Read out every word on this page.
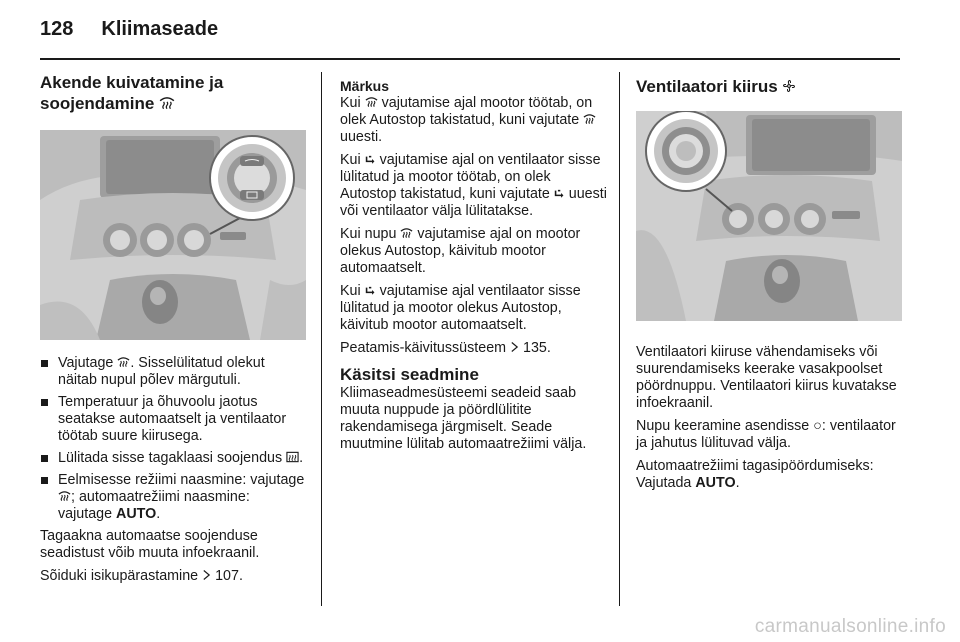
128 Kliimaseade
Akende kuivatamine ja
soojendamine
Vajutage . Sisselülitatud olekut näitab nupul põlev märgutuli.
Temperatuur ja õhuvoolu jaotus seatakse automaatselt ja ventilaator töötab suure kiirusega.
Lülitada sisse tagaklaasi soojendus .
Eelmisesse režiimi naasmine: vajutage ; automaatrežiimi naasmine: vajutage AUTO.

Tagaakna automaatse soojenduse seadistust võib muuta infoekraanil.

Sõiduki isikupärastamine  107.

Märkus

Kui  vajutamise ajal mootor töötab, on olek Autostop takistatud, kuni vajutate  uuesti.

Kui  vajutamise ajal on ventilaator sisse lülitatud ja mootor töötab, on olek Autostop takistatud, kuni vajutate  uuesti või ventilaator välja lülitatakse.

Kui nupu  vajutamise ajal on mootor olekus Autostop, käivitub mootor automaatselt.

Kui  vajutamise ajal ventilaator sisse lülitatud ja mootor olekus Autostop, käivitub mootor automaatselt.

Peatamis-käivitussüsteem  135.

Käsitsi seadmine

Kliimaseadmesüsteemi seadeid saab muuta nuppude ja pöördlülitite rakendamisega järgmiselt. Seade muutmine lülitab automaatrežiimi välja.

Ventilaatori kiirus

Ventilaatori kiiruse vähendamiseks või suurendamiseks keerake vasakpoolset pöördnuppu. Ventilaatori kiirus kuvatakse infoekraanil.

Nupu keeramine asendisse ○: ventilaator ja jahutus lülituvad välja.

Automaatrežiimi tagasipöördumiseks: Vajutada AUTO.

carmanualsonline.info
